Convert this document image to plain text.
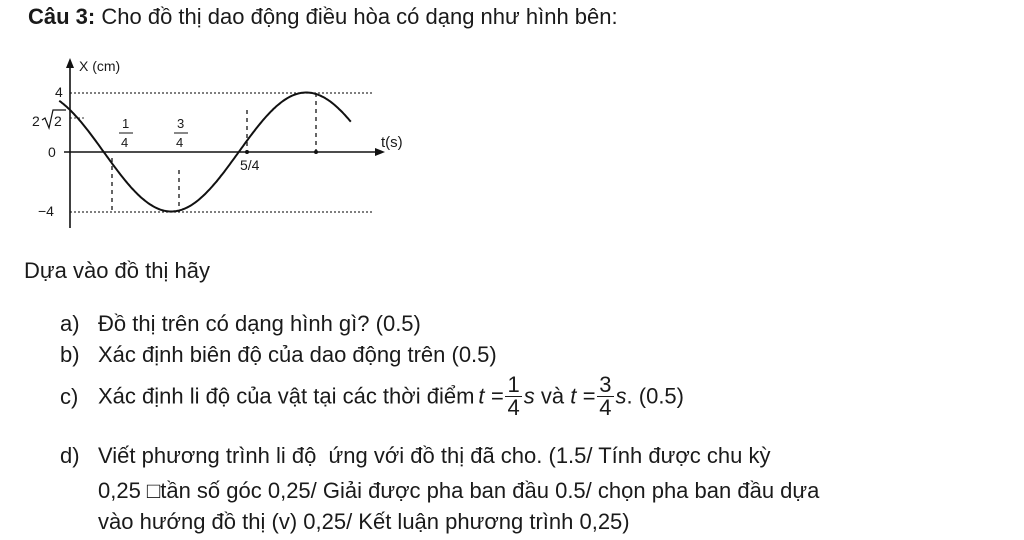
Câu 3: Cho đồ thị dao động điều hòa có dạng như hình bên:
X (cm)
t(s)
4
2 2
0
−4
1
4
3
4
5/4
Dựa vào đồ thị hãy
a) Đồ thị trên có dạng hình gì? (0.5)
b) Xác định biên độ của dao động trên (0.5)
c) Xác định li độ của vật tại các thời điểm $t = \frac{1}{4}$ s và $t = \frac{3}{4} s$. (0.5)
d) Viết phương trình li độ  ứng với đồ thị đã cho. (1.5/ Tính được chu kỳ
0,25 □tần số góc 0,25/ Giải được pha ban đầu 0.5/ chọn pha ban đầu dựa
vào hướng đồ thị (v) 0,25/ Kết luận phương trình 0,25)
